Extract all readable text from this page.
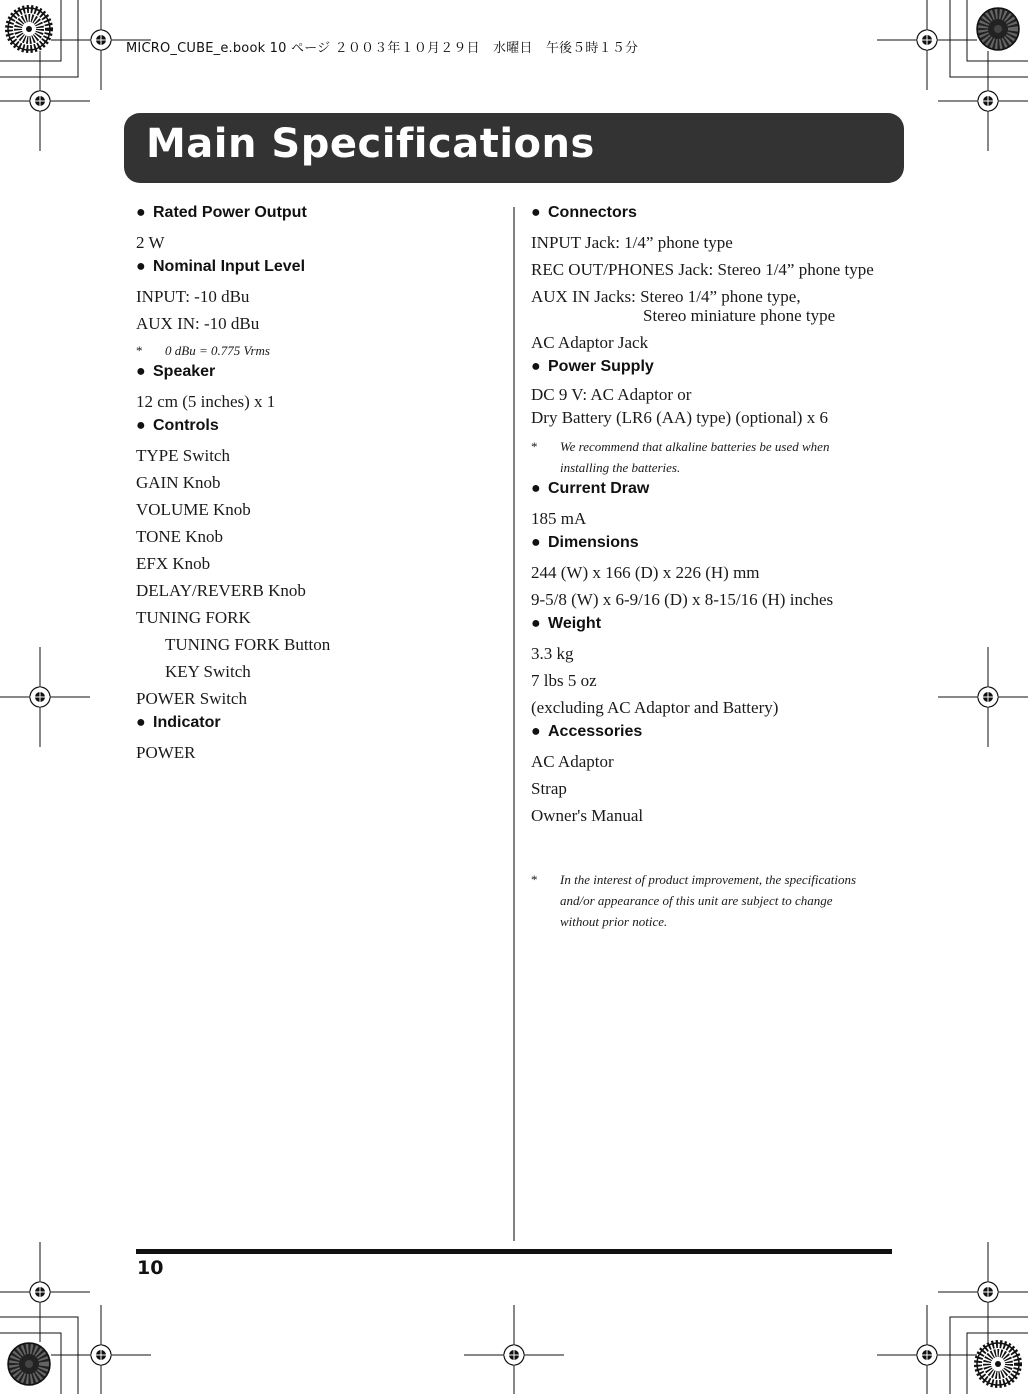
MICRO_CUBE_e.book 10 ページ ２００３年１０月２９日　水曜日　午後５時１５分
Main Specifications
● Rated Power Output
2 W
● Nominal Input Level
INPUT: -10 dBu
AUX IN: -10 dBu
* 0 dBu = 0.775 Vrms
● Speaker
12 cm (5 inches) x 1
● Controls
TYPE Switch
GAIN Knob
VOLUME Knob
TONE Knob
EFX Knob
DELAY/REVERB Knob
TUNING FORK
TUNING FORK Button
KEY Switch
POWER Switch
● Indicator
POWER
● Connectors
INPUT Jack: 1/4” phone type
REC OUT/PHONES Jack: Stereo 1/4” phone type
AUX IN Jacks: Stereo 1/4” phone type,
Stereo miniature phone type
AC Adaptor Jack
● Power Supply
DC 9 V: AC Adaptor or
Dry Battery (LR6 (AA) type) (optional) x 6
* We recommend that alkaline batteries be used when
installing the batteries.
● Current Draw
185 mA
● Dimensions
244 (W) x 166 (D) x 226 (H) mm
9-5/8 (W) x 6-9/16 (D) x 8-15/16 (H) inches
● Weight
3.3 kg
7 lbs 5 oz
(excluding AC Adaptor and Battery)
● Accessories
AC Adaptor
Strap
Owner's Manual
* In the interest of product improvement, the specifications
and/or appearance of this unit are subject to change
without prior notice.
10
